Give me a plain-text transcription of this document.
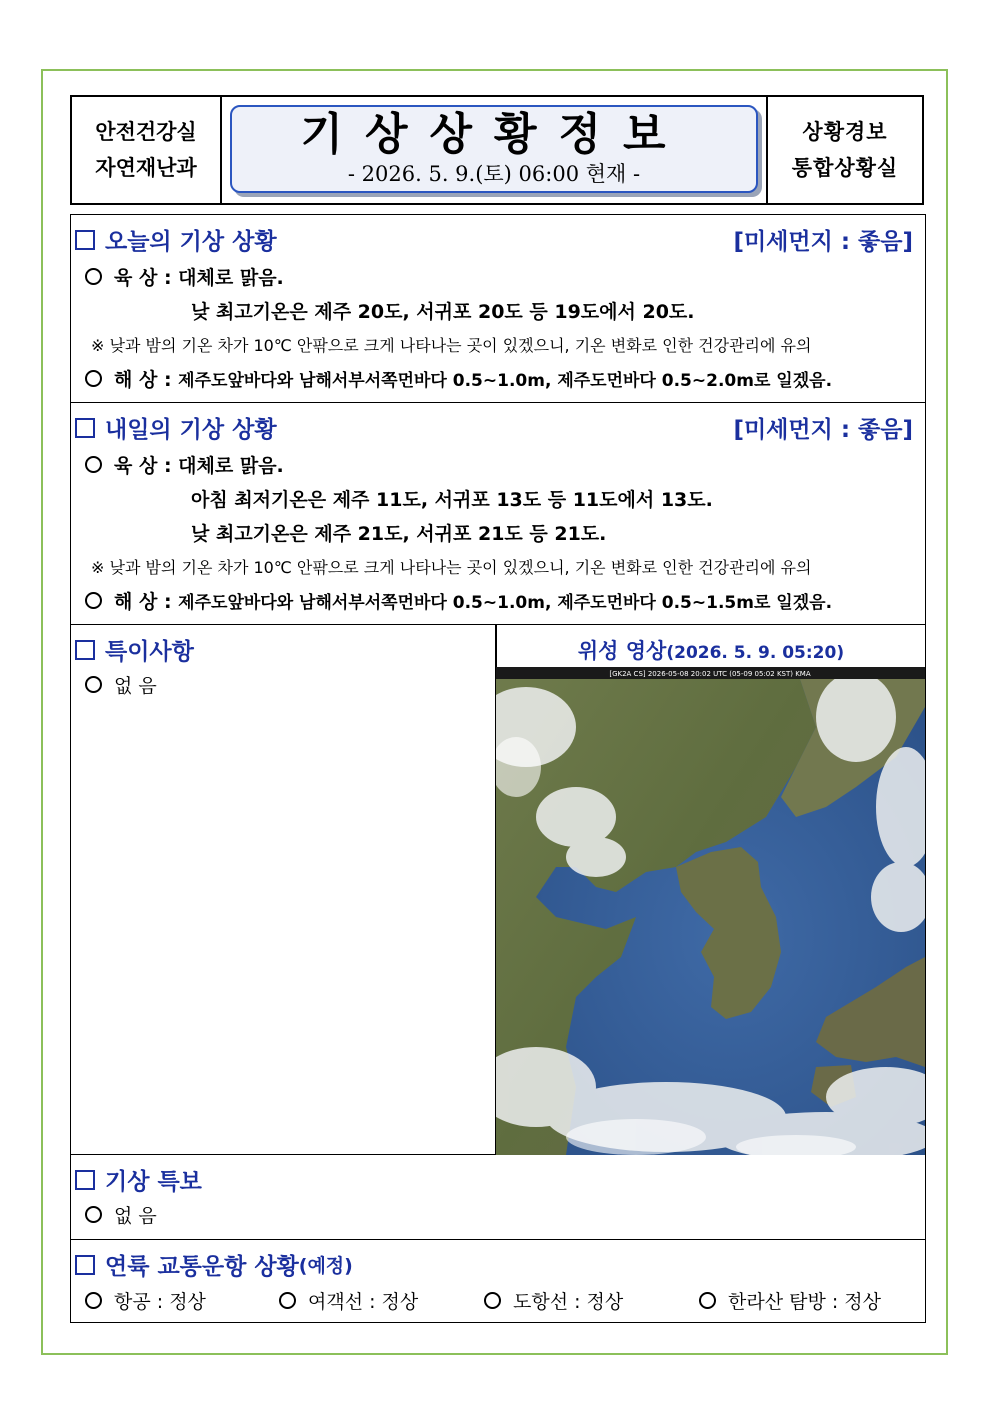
안전건강실
자연재난과
기상상황정보
- 2026. 5. 9.(토) 06:00 현재 -
상황경보
통합상황실
오늘의 기상 상황	[미세먼지 : 좋음]
육 상 : 대체로 맑음.
낮 최고기온은 제주 20도, 서귀포 20도 등 19도에서 20도.
※ 낮과 밤의 기온 차가 10℃ 안팎으로 크게 나타나는 곳이 있겠으니, 기온 변화로 인한 건강관리에 유의
해 상 : 제주도앞바다와 남해서부서쪽먼바다 0.5~1.0m, 제주도먼바다 0.5~2.0m로 일겠음.
내일의 기상 상황	[미세먼지 : 좋음]
육 상 : 대체로 맑음.
아침 최저기온은 제주 11도, 서귀포 13도 등 11도에서 13도.
낮 최고기온은 제주 21도, 서귀포 21도 등 21도.
※ 낮과 밤의 기온 차가 10℃ 안팎으로 크게 나타나는 곳이 있겠으니, 기온 변화로 인한 건강관리에 유의
해 상 : 제주도앞바다와 남해서부서쪽먼바다 0.5~1.0m, 제주도먼바다 0.5~1.5m로 일겠음.
특이사항
없 음
위성 영상(2026. 5. 9. 05:20)
[GK2A CS] 2026-05-08 20:02 UTC (05-09 05:02 KST) KMA
기상 특보
없 음
연륙 교통운항 상황 (예정)
항공 : 정상	여객선 : 정상	도항선 : 정상	한라산 탐방 : 정상
